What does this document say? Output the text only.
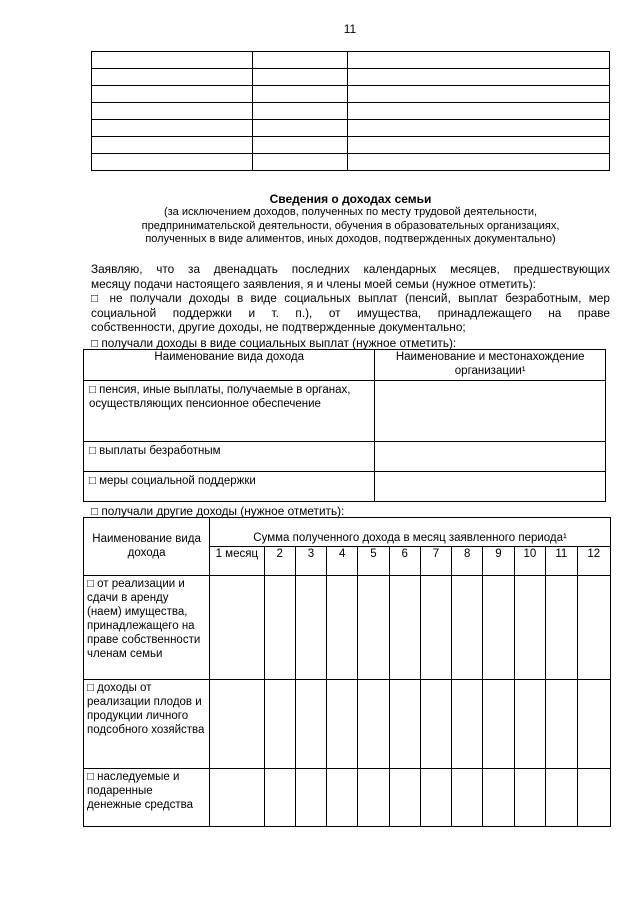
11

Сведения о доходах семьи
(за исключением доходов, полученных по месту трудовой деятельности,
предпринимательской деятельности, обучения в образовательных организациях,
полученных в виде алиментов, иных доходов, подтвержденных документально)
Заявляю, что за двенадцать последних календарных месяцев, предшествующих
месяцу подачи настоящего заявления, я и члены моей семьи (нужное отметить):
□ не получали доходы в виде социальных выплат (пенсий, выплат безработным, мер
социальной поддержки и т. п.), от имущества, принадлежащего на праве
собственности, другие доходы, не подтвержденные документально;
□ получали доходы в виде социальных выплат (нужное отметить):
Наименование вида дохода	Наименование и местонахождение организации¹
□ пенсия, иные выплаты, получаемые в органах, осуществляющих пенсионное обеспечение	
□ выплаты безработным	
□ меры социальной поддержки	
□ получали другие доходы (нужное отметить):
Наименование вида дохода	Сумма полученного дохода в месяц заявленного периода¹											
	1 месяц	2	3	4	5	6	7	8	9	10	11	12
□ от реализации и сдачи в аренду (наем) имущества, принадлежащего на праве собственности членам семьи												
□ доходы от реализации плодов и продукции личного подсобного хозяйства												
□ наследуемые и подаренные денежные средства												
